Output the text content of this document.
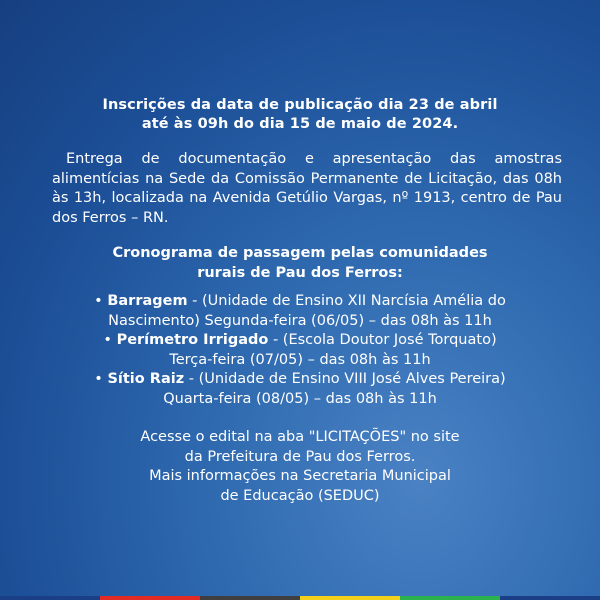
Inscrições da data de publicação dia 23 de abril
até às 09h do dia 15 de maio de 2024.
Entrega de documentação e apresentação das amostras alimentícias na Sede da Comissão Permanente de Licitação, das 08h às 13h, localizada na Avenida Getúlio Vargas, nº 1913, centro de Pau dos Ferros – RN.
Cronograma de passagem pelas comunidades
rurais de Pau dos Ferros:
• Barragem - (Unidade de Ensino XII Narcísia Amélia do
Nascimento) Segunda-feira (06/05) – das 08h às 11h
• Perímetro Irrigado - (Escola Doutor José Torquato)
Terça-feira (07/05) – das 08h às 11h
• Sítio Raiz - (Unidade de Ensino VIII José Alves Pereira)
Quarta-feira (08/05) – das 08h às 11h
Acesse o edital na aba "LICITAÇÕES" no site
da Prefeitura de Pau dos Ferros.
Mais informações na Secretaria Municipal
de Educação (SEDUC)
